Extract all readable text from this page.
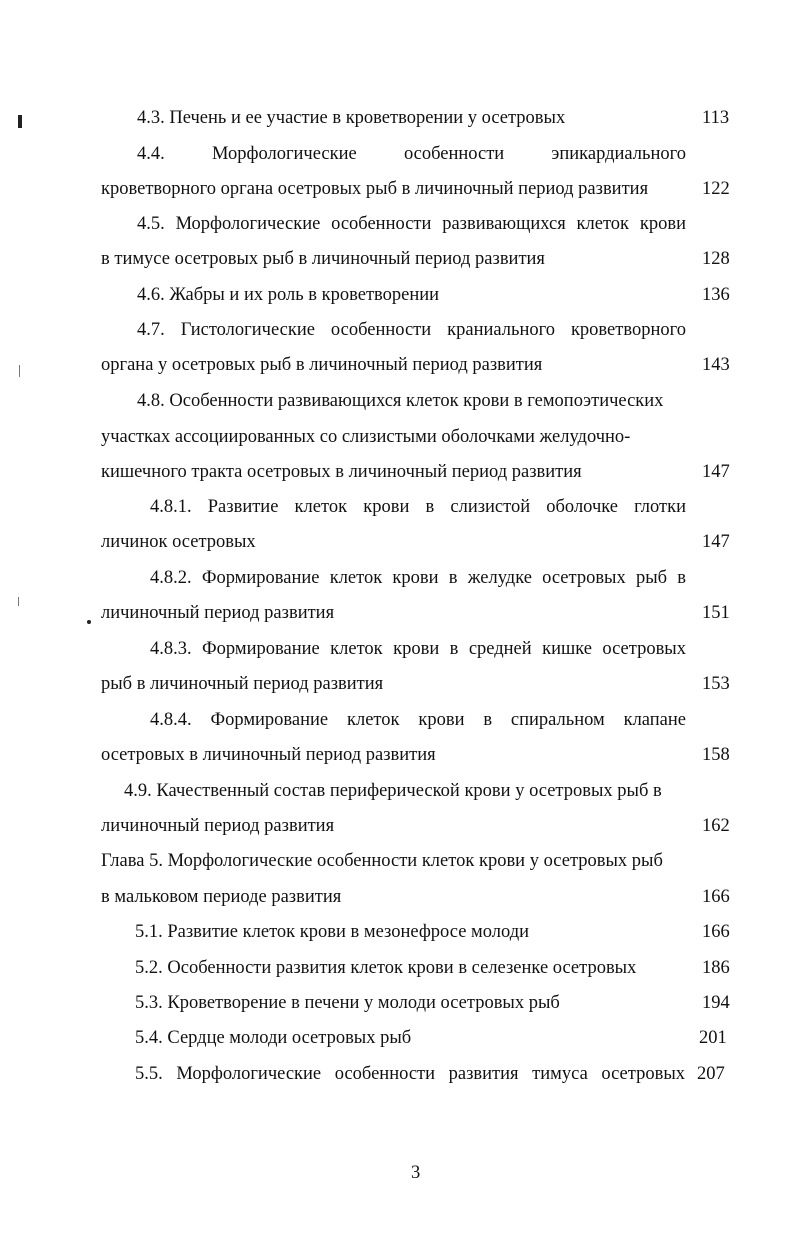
4.3. Печень и ее участие в кроветворении у осетровых	113
4.4. Морфологические особенности эпикардиального
кроветворного органа осетровых рыб в личиночный период развития	122
4.5. Морфологические особенности развивающихся клеток крови
в тимусе осетровых рыб в личиночный период развития	128
4.6. Жабры и их роль в кроветворении	136
4.7. Гистологические особенности краниального кроветворного
органа у осетровых рыб в личиночный период развития	143
4.8. Особенности развивающихся клеток крови в гемопоэтических
участках ассоциированных со слизистыми оболочками желудочно-
кишечного тракта осетровых в личиночный период развития	147
4.8.1. Развитие клеток крови в слизистой оболочке глотки
личинок осетровых	147
4.8.2. Формирование клеток крови в желудке осетровых рыб в
личиночный период развития	151
4.8.3. Формирование клеток крови в средней кишке осетровых
рыб в личиночный период развития	153
4.8.4. Формирование клеток крови в спиральном клапане
осетровых в личиночный период развития	158
4.9. Качественный состав периферической крови у осетровых рыб в
личиночный период развития	162
Глава 5. Морфологические особенности клеток крови у осетровых рыб
в мальковом периоде развития	166
5.1. Развитие клеток крови в мезонефросе молоди	166
5.2. Особенности развития клеток крови в селезенке осетровых	186
5.3. Кроветворение в печени у молоди осетровых рыб	194
5.4. Сердце молоди осетровых рыб	201
5.5. Морфологические особенности развития тимуса осетровых 207
3
